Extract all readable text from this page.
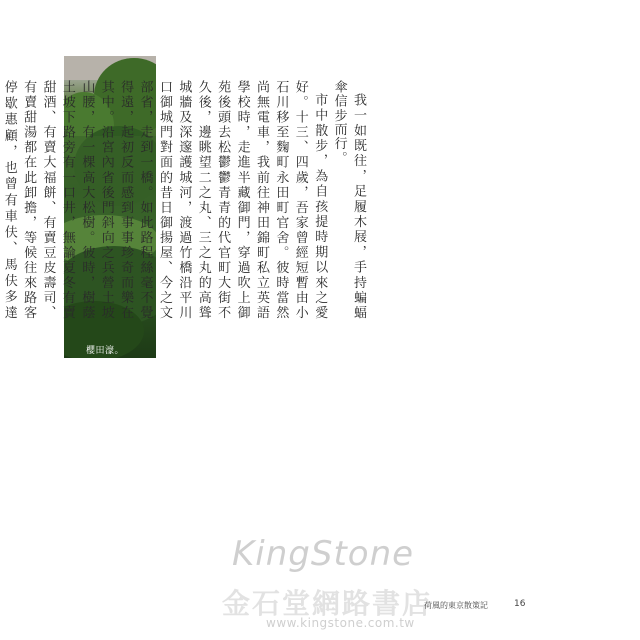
櫻田濠。

我一如既往，足履木屐，手持蝙蝠傘信步而行。

市中散步，為自孩提時期以來之愛好。十三、四歲，吾家曾經短暫由小石川移至麴町永田町官舍。彼時當然尚無電車，我前往神田錦町私立英語學校時，走進半藏御門，穿過吹上御苑後頭去松鬱鬱青青的代官町大街不久後，邊眺望二之丸、三之丸的高聳城牆及深邃護城河，渡過竹橋沿平川口御城門對面的昔日御揚屋、今之文部省，走到一橋。如此路程絲毫不覺得遠，起初反而感到事事珍奇而樂在其中。沿宮內省後門斜向之兵營土坡山腰，有一棵高大松樹。彼時，樹蔭土坡下路旁有一口井，無論夏冬有賣甜酒、有賣大福餅、有賣豆皮壽司、有賣甜湯都在此卸擔，等候往來路客停歇惠顧，也曾有車伕、馬伕多達

KingStone
金石堂網路書店
www.kingstone.com.tw
荷風的東京散策記	16
